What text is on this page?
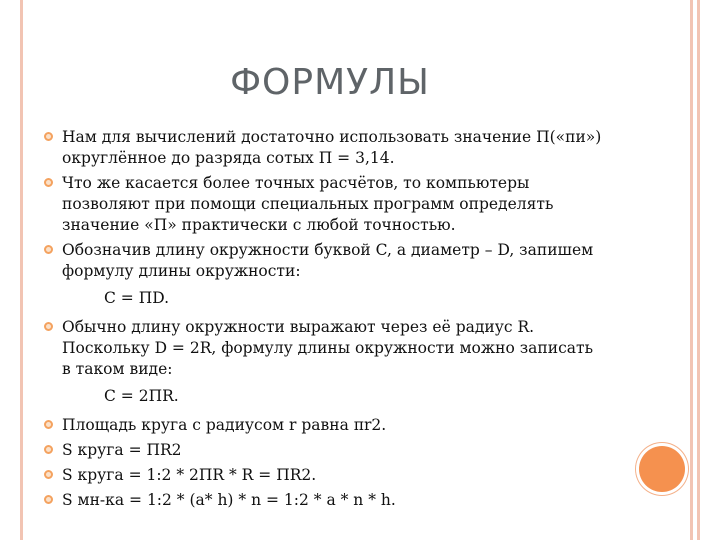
ФОРМУЛЫ
Нам для вычислений достаточно использовать значение П(«пи») округлённое до разряда сотых П = 3,14.
Что же касается более точных расчётов, то компьютеры позволяют при помощи специальных программ определять значение «П» практически с любой точностью.
Обозначив длину окружности буквой C, а диаметр – D, запишем формулу длины окружности:
C = ПD.
Обычно длину окружности выражают через её радиус R. Поскольку D = 2R, формулу длины окружности можно записать в таком виде:
C = 2ПR.
Площадь круга с радиусом r равна πr2.
S круга = ПR2
S круга = 1:2 * 2ПR * R = ПR2.
S мн-ка = 1:2 * (a* h) * n = 1:2 * a * n * h.
